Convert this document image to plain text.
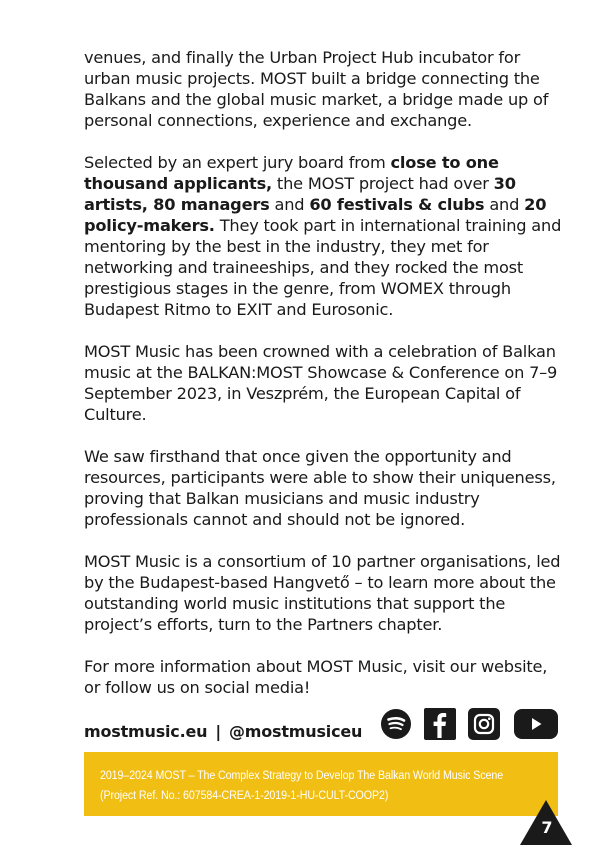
venues, and finally the Urban Project Hub incubator for urban music projects. MOST built a bridge connecting the Balkans and the global music market, a bridge made up of personal connections, experience and exchange.

Selected by an expert jury board from close to one thousand applicants, the MOST project had over 30 artists, 80 managers and 60 festivals & clubs and 20 policy-makers. They took part in international training and mentoring by the best in the industry, they met for networking and traineeships, and they rocked the most prestigious stages in the genre, from WOMEX through Budapest Ritmo to EXIT and Eurosonic.

MOST Music has been crowned with a celebration of Balkan music at the BALKAN:MOST Showcase & Conference on 7–9 September 2023, in Veszprém, the European Capital of Culture.

We saw firsthand that once given the opportunity and resources, participants were able to show their uniqueness, proving that Balkan musicians and music industry professionals cannot and should not be ignored.

MOST Music is a consortium of 10 partner organisations, led by the Budapest-based Hangvető – to learn more about the outstanding world music institutions that support the project’s efforts, turn to the Partners chapter.

For more information about MOST Music, visit our website, or follow us on social media!

mostmusic.eu | @mostmusiceu
2019–2024 MOST – The Complex Strategy to Develop The Balkan World Music Scene
(Project Ref. No.: 607584-CREA-1-2019-1-HU-CULT-COOP2)
7
